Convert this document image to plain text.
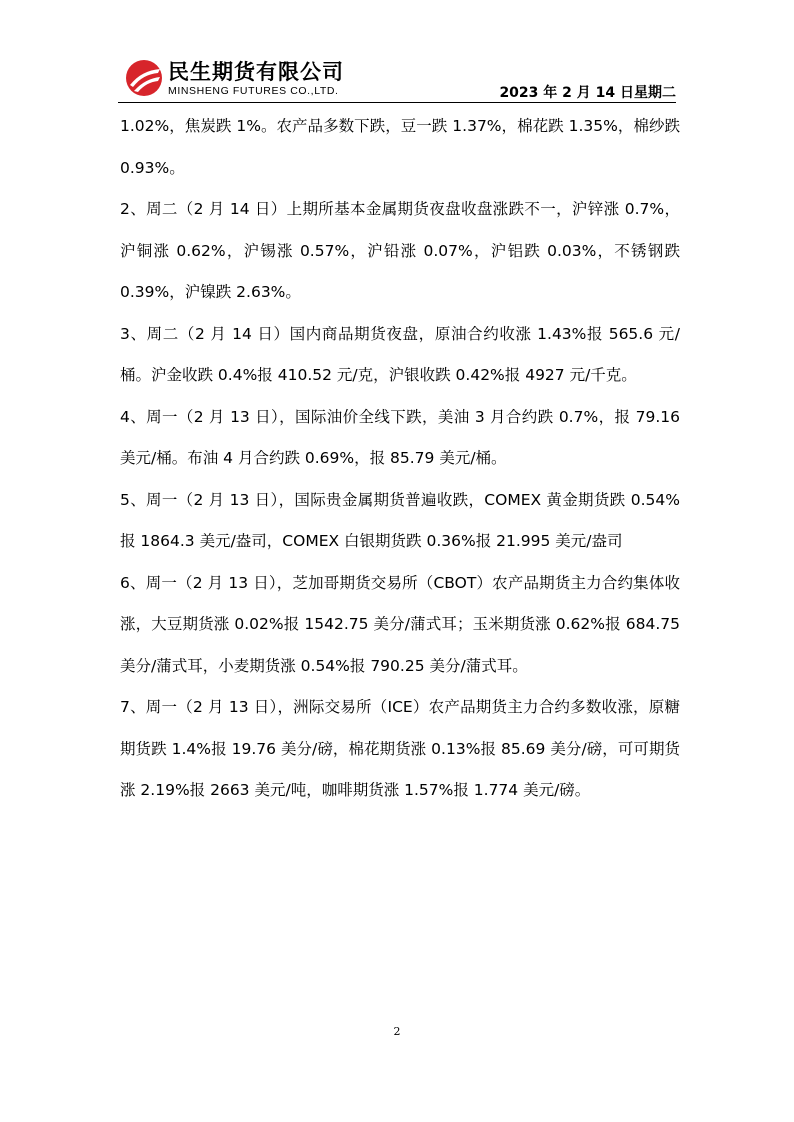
民生期货有限公司
MINSHENG FUTURES CO.,LTD.	2023 年 2 月 14 日星期二

1.02%，焦炭跌 1%。农产品多数下跌，豆一跌 1.37%，棉花跌 1.35%，棉纱跌 0.93%。

2、周二（2 月 14 日）上期所基本金属期货夜盘收盘涨跌不一，沪锌涨 0.7%，沪铜涨 0.62%，沪锡涨 0.57%，沪铅涨 0.07%，沪铝跌 0.03%，不锈钢跌 0.39%，沪镍跌 2.63%。

3、周二（2 月 14 日）国内商品期货夜盘，原油合约收涨 1.43%报 565.6 元/桶。沪金收跌 0.4%报 410.52 元/克，沪银收跌 0.42%报 4927 元/千克。

4、周一（2 月 13 日），国际油价全线下跌，美油 3 月合约跌 0.7%，报 79.16 美元/桶。布油 4 月合约跌 0.69%，报 85.79 美元/桶。

5、周一（2 月 13 日），国际贵金属期货普遍收跌，COMEX 黄金期货跌 0.54%报 1864.3 美元/盎司，COMEX 白银期货跌 0.36%报 21.995 美元/盎司

6、周一（2 月 13 日），芝加哥期货交易所（CBOT）农产品期货主力合约集体收涨，大豆期货涨 0.02%报 1542.75 美分/蒲式耳；玉米期货涨 0.62%报 684.75 美分/蒲式耳，小麦期货涨 0.54%报 790.25 美分/蒲式耳。

7、周一（2 月 13 日），洲际交易所（ICE）农产品期货主力合约多数收涨，原糖期货跌 1.4%报 19.76 美分/磅，棉花期货涨 0.13%报 85.69 美分/磅，可可期货涨 2.19%报 2663 美元/吨，咖啡期货涨 1.57%报 1.774 美元/磅。

2
